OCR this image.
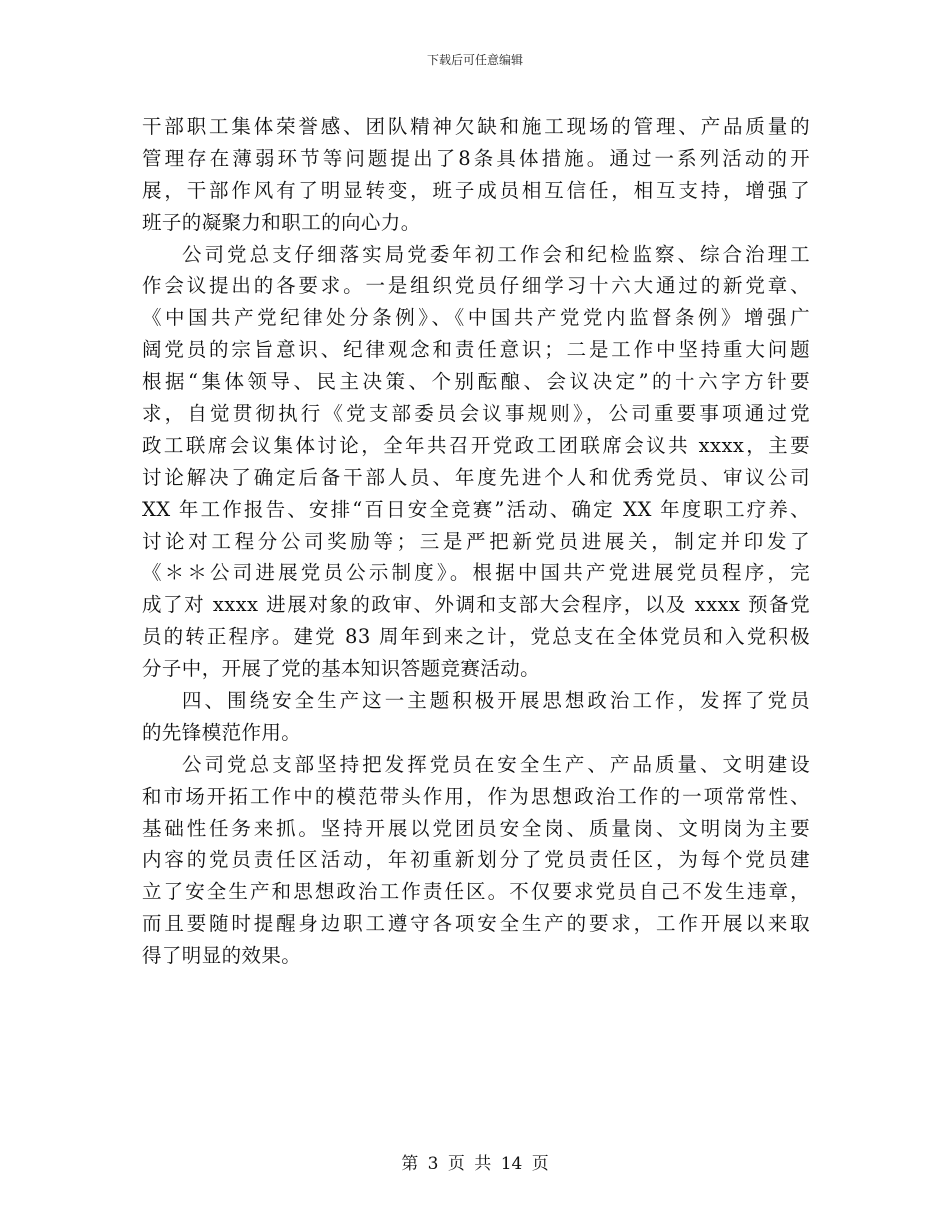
下载后可任意编辑
干部职工集体荣誉感、团队精神欠缺和施工现场的管理、产品质量的
管理存在薄弱环节等问题提出了8条具体措施。通过一系列活动的开
展，干部作风有了明显转变，班子成员相互信任，相互支持，增强了
班子的凝聚力和职工的向心力。
公司党总支仔细落实局党委年初工作会和纪检监察、综合治理工
作会议提出的各要求。一是组织党员仔细学习十六大通过的新党章、
《中国共产党纪律处分条例》、《中国共产党党内监督条例》增强广
阔党员的宗旨意识、纪律观念和责任意识；二是工作中坚持重大问题
根据“集体领导、民主决策、个别酝酿、会议决定”的十六字方针要
求，自觉贯彻执行《党支部委员会议事规则》，公司重要事项通过党
政工联席会议集体讨论，全年共召开党政工团联席会议共 xxxx，主要
讨论解决了确定后备干部人员、年度先进个人和优秀党员、审议公司
XX 年工作报告、安排“百日安全竞赛”活动、确定 XX 年度职工疗养、
讨论对工程分公司奖励等；三是严把新党员进展关，制定并印发了
《＊＊公司进展党员公示制度》。根据中国共产党进展党员程序，完
成了对 xxxx 进展对象的政审、外调和支部大会程序，以及 xxxx 预备党
员的转正程序。建党 83 周年到来之计，党总支在全体党员和入党积极
分子中，开展了党的基本知识答题竞赛活动。
四、围绕安全生产这一主题积极开展思想政治工作，发挥了党员
的先锋模范作用。
公司党总支部坚持把发挥党员在安全生产、产品质量、文明建设
和市场开拓工作中的模范带头作用，作为思想政治工作的一项常常性、
基础性任务来抓。坚持开展以党团员安全岗、质量岗、文明岗为主要
内容的党员责任区活动，年初重新划分了党员责任区，为每个党员建
立了安全生产和思想政治工作责任区。不仅要求党员自己不发生违章，
而且要随时提醒身边职工遵守各项安全生产的要求，工作开展以来取
得了明显的效果。
第 3 页 共 14 页
